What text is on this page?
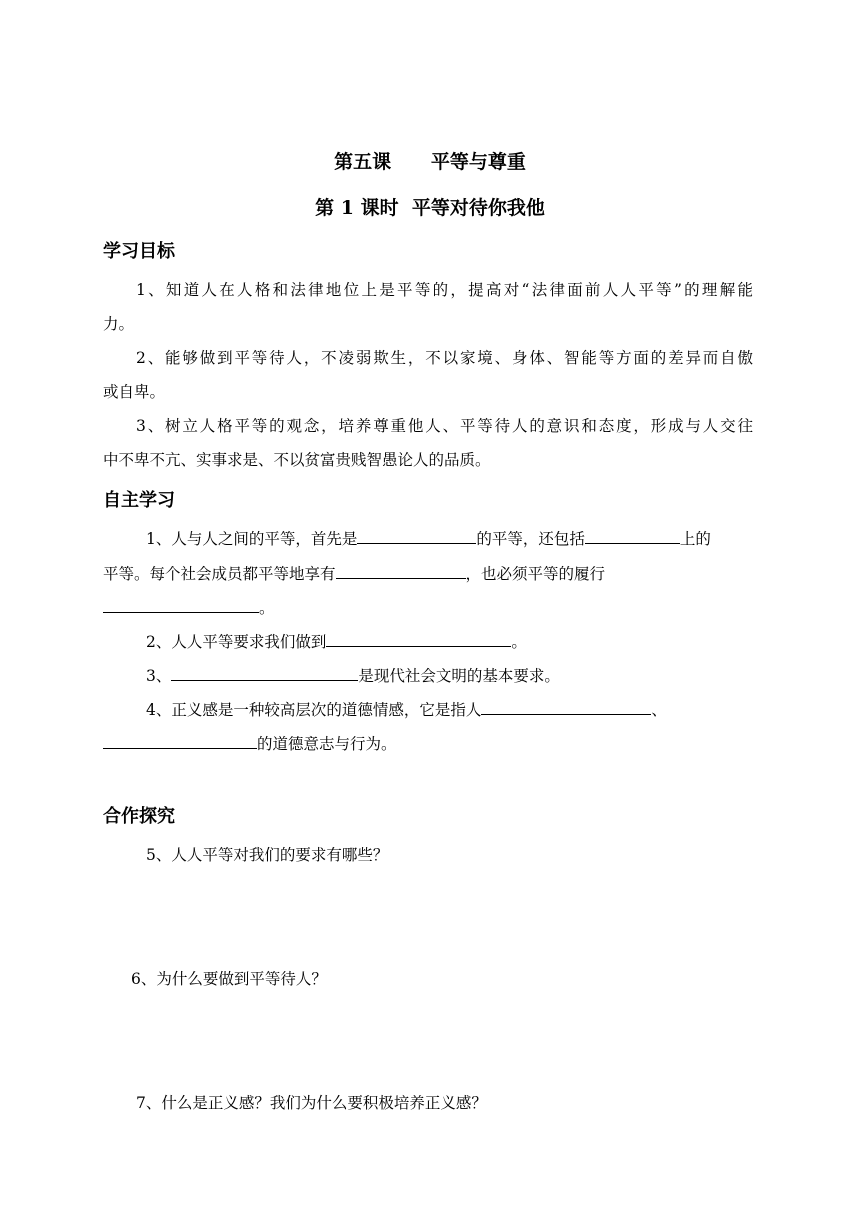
第五课      平等与尊重
第 1 课时  平等对待你我他
学习目标
1、知道人在人格和法律地位上是平等的，提高对“法律面前人人平等”的理解能
力。
2、能够做到平等待人，不凌弱欺生，不以家境、身体、智能等方面的差异而自傲
或自卑。
3、树立人格平等的观念，培养尊重他人、平等待人的意识和态度，形成与人交往
中不卑不亢、实事求是、不以贫富贵贱智愚论人的品质。
自主学习
1、人与人之间的平等，首先是	的平等，还包括	上的
平等。每个社会成员都平等地享有	，也必须平等的履行
。
2、人人平等要求我们做到	。
3、	是现代社会文明的基本要求。
4、正义感是一种较高层次的道德情感，它是指人	、
的道德意志与行为。
合作探究
5、人人平等对我们的要求有哪些？
6、为什么要做到平等待人？
7、什么是正义感？我们为什么要积极培养正义感？
